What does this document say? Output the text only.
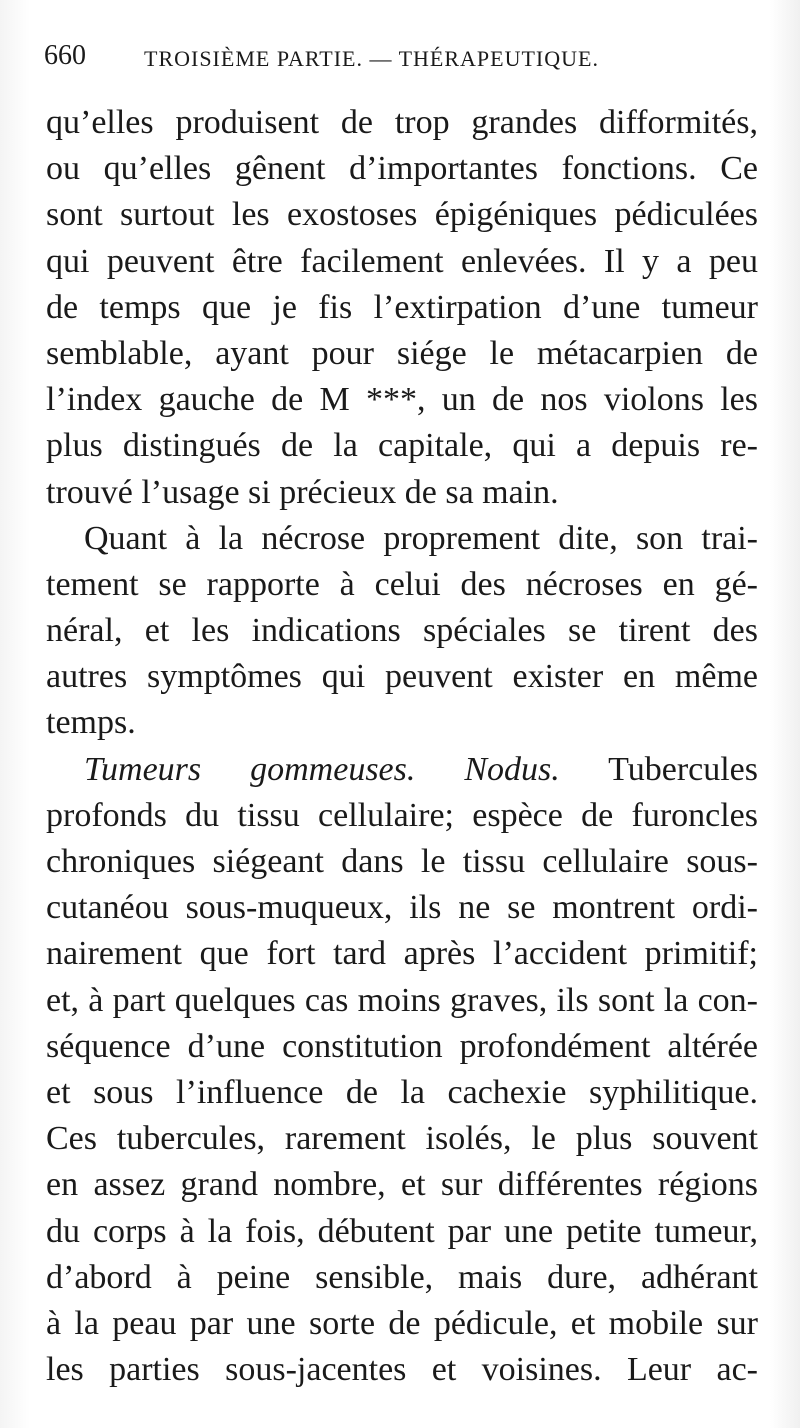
660	TROISIÈME PARTIE. — THÉRAPEUTIQUE.
qu’elles produisent de trop grandes difformités,
ou qu’elles gênent d’importantes fonctions. Ce
sont surtout les exostoses épigéniques pédiculées
qui peuvent être facilement enlevées. Il y a peu
de temps que je fis l’extirpation d’une tumeur
semblable, ayant pour siége le métacarpien de
l’index gauche de M ***, un de nos violons les
plus distingués de la capitale, qui a depuis re-
trouvé l’usage si précieux de sa main.
Quant à la nécrose proprement dite, son trai-
tement se rapporte à celui des nécroses en gé-
néral, et les indications spéciales se tirent des
autres symptômes qui peuvent exister en même
temps.
Tumeurs gommeuses. Nodus. Tubercules
profonds du tissu cellulaire; espèce de furoncles
chroniques siégeant dans le tissu cellulaire sous-
cutanéou sous-muqueux, ils ne se montrent ordi-
nairement que fort tard après l’accident primitif;
et, à part quelques cas moins graves, ils sont la con-
séquence d’une constitution profondément altérée
et sous l’influence de la cachexie syphilitique.
Ces tubercules, rarement isolés, le plus souvent
en assez grand nombre, et sur différentes régions
du corps à la fois, débutent par une petite tumeur,
d’abord à peine sensible, mais dure, adhérant
à la peau par une sorte de pédicule, et mobile sur
les parties sous-jacentes et voisines. Leur ac-
